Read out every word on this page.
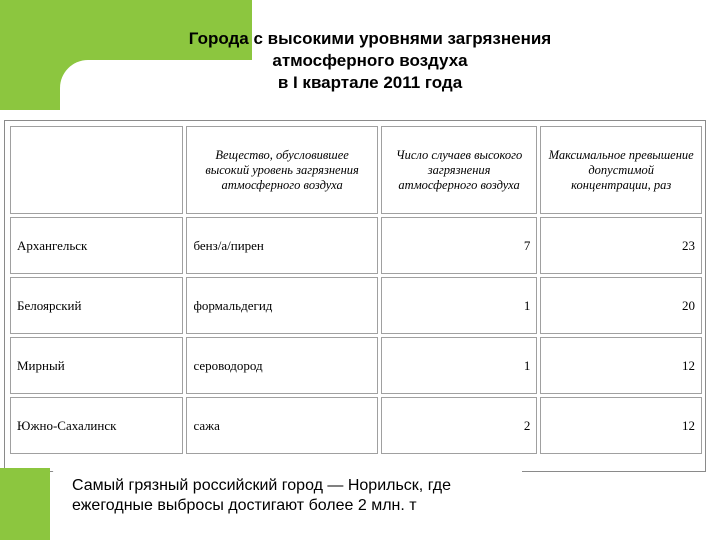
Города с высокими уровнями загрязнения
атмосферного воздуха
в I квартале 2011 года
	Вещество, обусловившее высокий уровень загрязнения атмосферного воздуха	Число случаев высокого загрязнения атмосферного воздуха	Максимальное превышение допустимой концентрации, раз
Архангельск	бенз/а/пирен	7	23
Белоярский	формальдегид	1	20
Мирный	сероводород	1	12
Южно-Сахалинск	сажа	2	12
Самый грязный российский город — Норильск, где
ежегодные выбросы достигают более 2 млн. т
